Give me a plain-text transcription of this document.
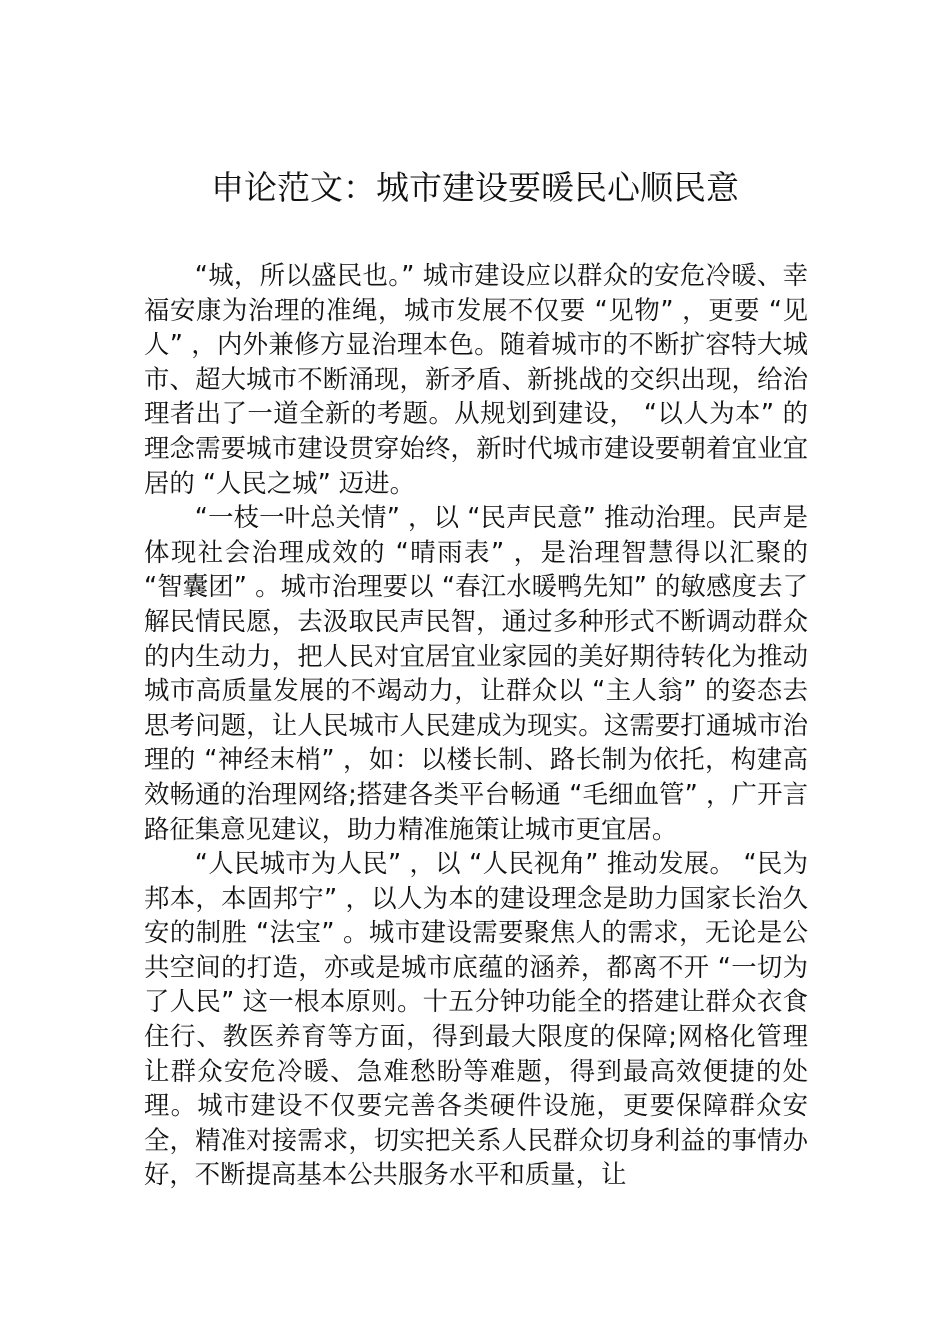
申论范文：城市建设要暖民心顺民意

“城，所以盛民也。” 城市建设应以群众的安危冷暖、幸福安康为治理的准绳，城市发展不仅要 “见物” ，更要 “见人” ，内外兼修方显治理本色。随着城市的不断扩容特大城市、超大城市不断涌现，新矛盾、新挑战的交织出现，给治理者出了一道全新的考题。从规划到建设， “以人为本” 的理念需要城市建设贯穿始终，新时代城市建设要朝着宜业宜居的 “人民之城” 迈进。

“一枝一叶总关情” ，以 “民声民意” 推动治理。民声是体现社会治理成效的 “晴雨表” ，是治理智慧得以汇聚的 “智囊团” 。城市治理要以 “春江水暖鸭先知” 的敏感度去了解民情民愿，去汲取民声民智，通过多种形式不断调动群众的内生动力，把人民对宜居宜业家园的美好期待转化为推动城市高质量发展的不竭动力，让群众以 “主人翁” 的姿态去思考问题，让人民城市人民建成为现实。这需要打通城市治理的 “神经末梢” ，如：以楼长制、路长制为依托，构建高效畅通的治理网络;搭建各类平台畅通 “毛细血管” ，广开言路征集意见建议，助力精准施策让城市更宜居。

“人民城市为人民” ，以 “人民视角” 推动发展。 “民为邦本，本固邦宁” ，以人为本的建设理念是助力国家长治久安的制胜 “法宝” 。城市建设需要聚焦人的需求，无论是公共空间的打造，亦或是城市底蕴的涵养，都离不开 “一切为了人民” 这一根本原则。十五分钟功能全的搭建让群众衣食住行、教医养育等方面，得到最大限度的保障;网格化管理让群众安危冷暖、急难愁盼等难题，得到最高效便捷的处理。城市建设不仅要完善各类硬件设施，更要保障群众安全，精准对接需求，切实把关系人民群众切身利益的事情办好，不断提高基本公共服务水平和质量，让
